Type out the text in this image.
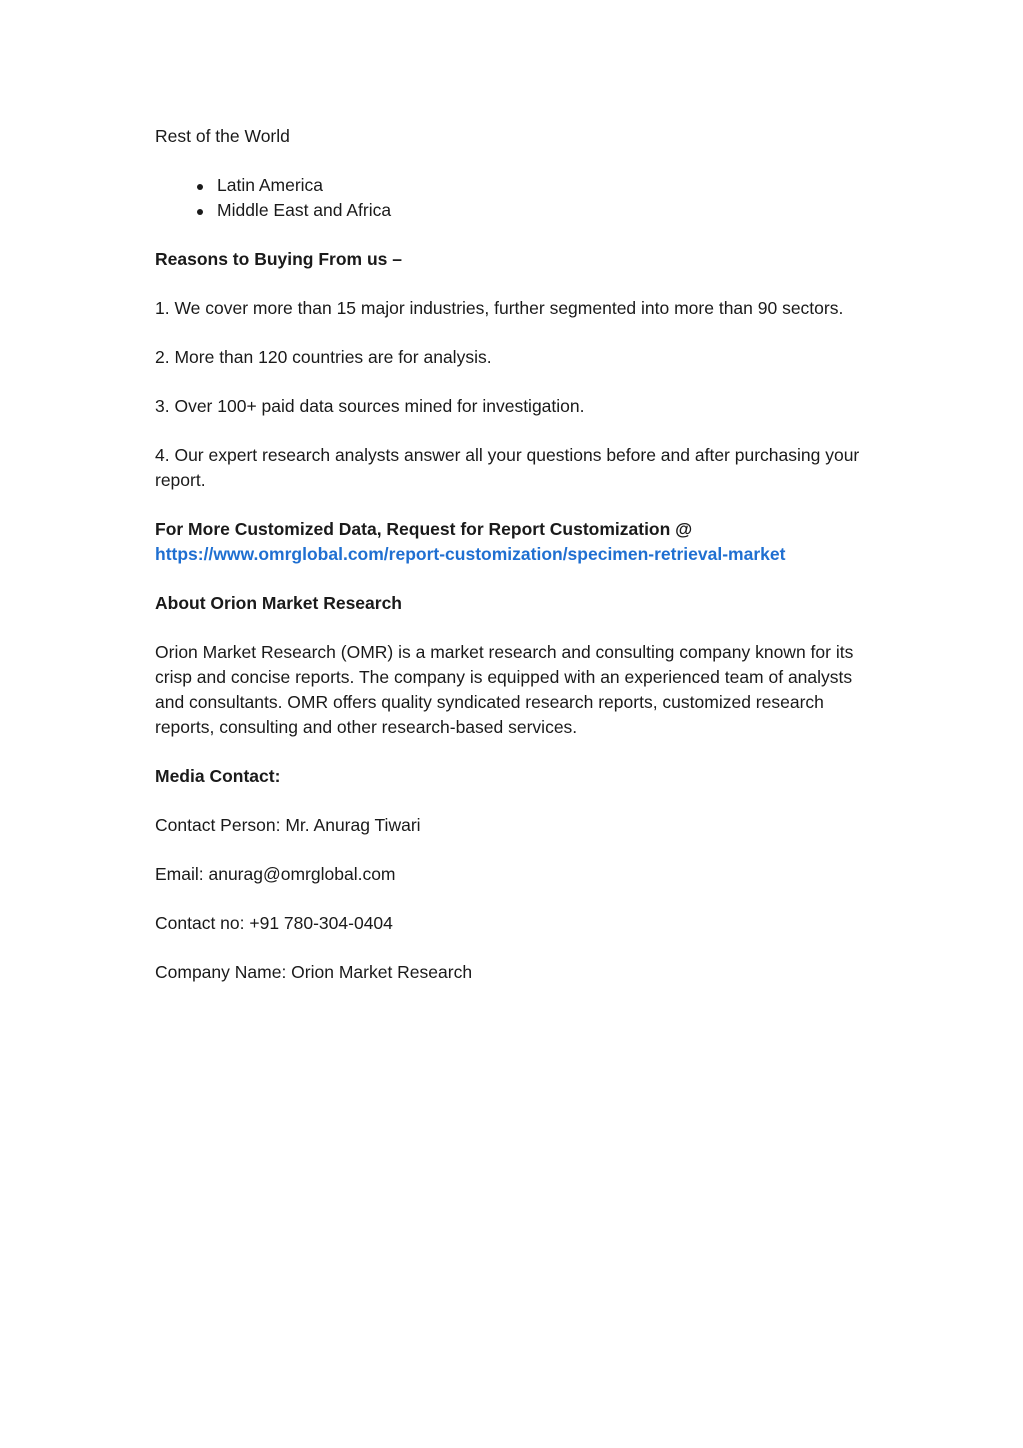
Rest of the World

Latin America
Middle East and Africa

Reasons to Buying From us –

1. We cover more than 15 major industries, further segmented into more than 90 sectors.

2. More than 120 countries are for analysis.

3. Over 100+ paid data sources mined for investigation.

4. Our expert research analysts answer all your questions before and after purchasing your report.

For More Customized Data, Request for Report Customization @

https://www.omrglobal.com/report-customization/specimen-retrieval-market

About Orion Market Research

Orion Market Research (OMR) is a market research and consulting company known for its crisp and concise reports. The company is equipped with an experienced team of analysts and consultants. OMR offers quality syndicated research reports, customized research reports, consulting and other research-based services.

Media Contact:

Contact Person: Mr. Anurag Tiwari

Email: anurag@omrglobal.com

Contact no: +91 780-304-0404

Company Name: Orion Market Research
